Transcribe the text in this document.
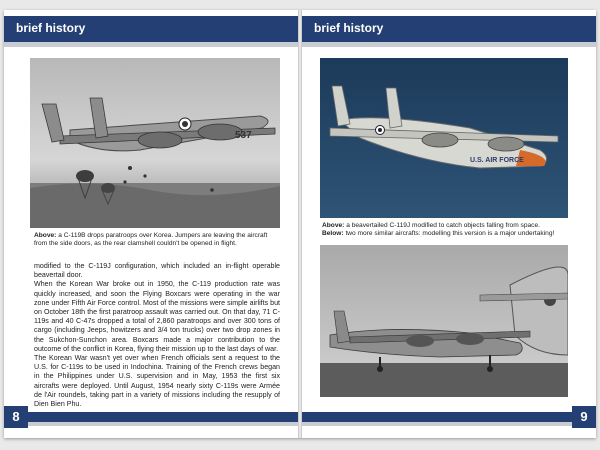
brief history
537
Above: a C-119B drops paratroops over Korea. Jumpers are leaving the aircraft from the side doors, as the rear clamshell couldn't be opened in flight.

modified to the C-119J configuration, which included an in-flight operable beavertail door.

When the Korean War broke out in 1950, the C-119 production rate was quickly increased, and soon the Flying Boxcars were operating in the war zone under Fifth Air Force control. Most of the missions were simple airlifts but on October 18th the first paratroop assault was carried out. On that day, 71 C-119s and 40 C-47s dropped a total of 2,860 paratroops and over 300 tons of cargo (including Jeeps, howitzers and 3/4 ton trucks) over two drop zones in the Sukchon-Sunchon area. Boxcars made a major contribution to the outcome of the conflict in Korea, flying their mission up to the last days of war.

The Korean War wasn't yet over when French officials sent a request to the U.S. for C-119s to be used in Indochina. Training of the French crews began in the Philippines under U.S. supervision and in May, 1953 the first six aircrafts were deployed. Until August, 1954 nearly sixty C-119s were Armée de l'Air roundels, taking part in a variety of missions including the resupply of Dien Bien Phu.

8
brief history
U.S. AIR FORCE
Above: a beavertailed C-119J modified to catch objects falling from space.
Below: two more similar aircrafts: modelling this version is a major undertaking!
9
